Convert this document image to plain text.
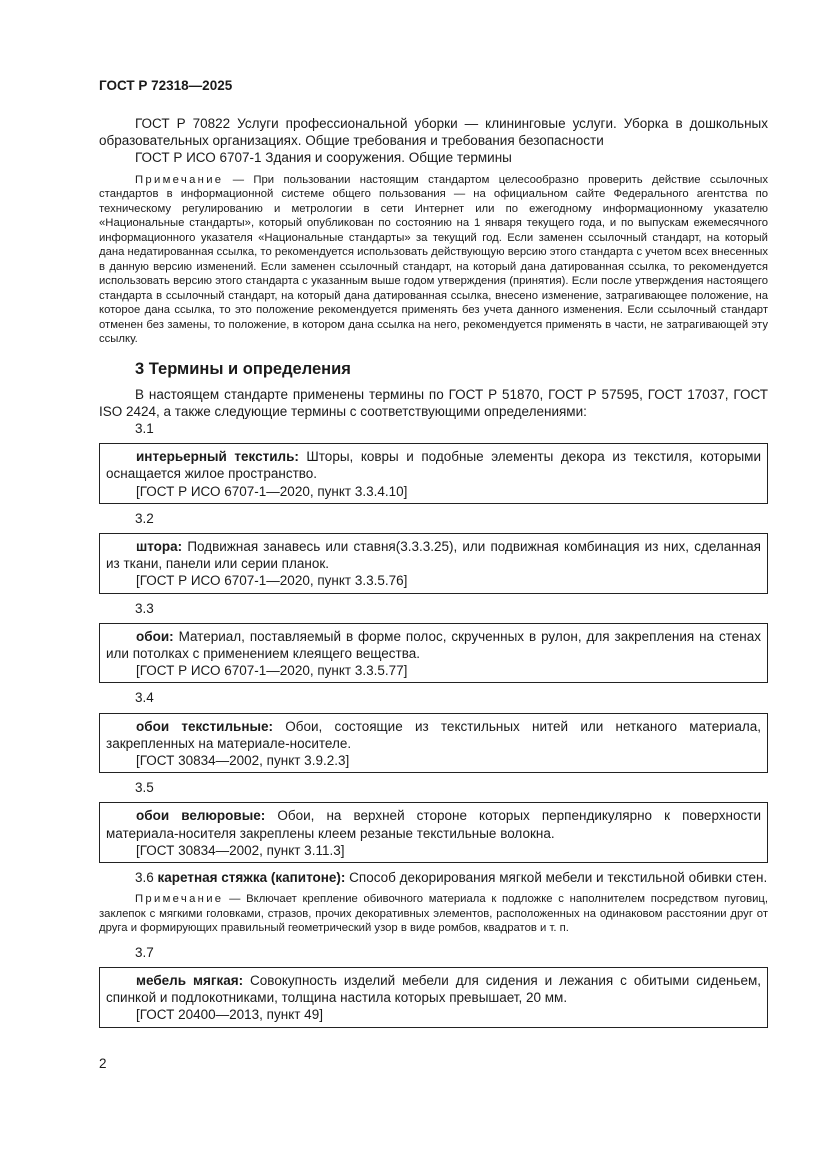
ГОСТ Р 72318—2025

ГОСТ Р 70822 Услуги профессиональной уборки — клининговые услуги. Уборка в дошкольных образовательных организациях. Общие требования и требования безопасности

ГОСТ Р ИСО 6707-1 Здания и сооружения. Общие термины

Примечание — При пользовании настоящим стандартом целесообразно проверить действие ссылочных стандартов в информационной системе общего пользования — на официальном сайте Федерального агентства по техническому регулированию и метрологии в сети Интернет или по ежегодному информационному указателю «Национальные стандарты», который опубликован по состоянию на 1 января текущего года, и по выпускам ежемесячного информационного указателя «Национальные стандарты» за текущий год. Если заменен ссылочный стандарт, на который дана недатированная ссылка, то рекомендуется использовать действующую версию этого стандарта с учетом всех внесенных в данную версию изменений. Если заменен ссылочный стандарт, на который дана датированная ссылка, то рекомендуется использовать версию этого стандарта с указанным выше годом утверждения (принятия). Если после утверждения настоящего стандарта в ссылочный стандарт, на который дана датированная ссылка, внесено изменение, затрагивающее положение, на которое дана ссылка, то это положение рекомендуется применять без учета данного изменения. Если ссылочный стандарт отменен без замены, то положение, в котором дана ссылка на него, рекомендуется применять в части, не затрагивающей эту ссылку.

3 Термины и определения

В настоящем стандарте применены термины по ГОСТ Р 51870, ГОСТ Р 57595, ГОСТ 17037, ГОСТ ISO 2424, а также следующие термины с соответствующими определениями:

3.1

интерьерный текстиль: Шторы, ковры и подобные элементы декора из текстиля, которыми оснащается жилое пространство.

[ГОСТ Р ИСО 6707-1—2020, пункт 3.3.4.10]
3.2

штора: Подвижная занавесь или ставня(3.3.3.25), или подвижная комбинация из них, сделанная из ткани, панели или серии планок.

[ГОСТ Р ИСО 6707-1—2020, пункт 3.3.5.76]
3.3

обои: Материал, поставляемый в форме полос, скрученных в рулон, для закрепления на стенах или потолках с применением клеящего вещества.

[ГОСТ Р ИСО 6707-1—2020, пункт 3.3.5.77]
3.4

обои текстильные: Обои, состоящие из текстильных нитей или нетканого материала, закрепленных на материале-носителе.

[ГОСТ 30834—2002, пункт 3.9.2.3]
3.5

обои велюровые: Обои, на верхней стороне которых перпендикулярно к поверхности материала-носителя закреплены клеем резаные текстильные волокна.

[ГОСТ 30834—2002, пункт 3.11.3]

3.6 каретная стяжка (капитоне): Способ декорирования мягкой мебели и текстильной обивки стен.

Примечание — Включает крепление обивочного материала к подложке с наполнителем посредством пуговиц, заклепок с мягкими головками, стразов, прочих декоративных элементов, расположенных на одинаковом расстоянии друг от друга и формирующих правильный геометрический узор в виде ромбов, квадратов и т. п.

3.7

мебель мягкая: Совокупность изделий мебели для сидения и лежания с обитыми сиденьем, спинкой и подлокотниками, толщина настила которых превышает, 20 мм.

[ГОСТ 20400—2013, пункт 49]
2
